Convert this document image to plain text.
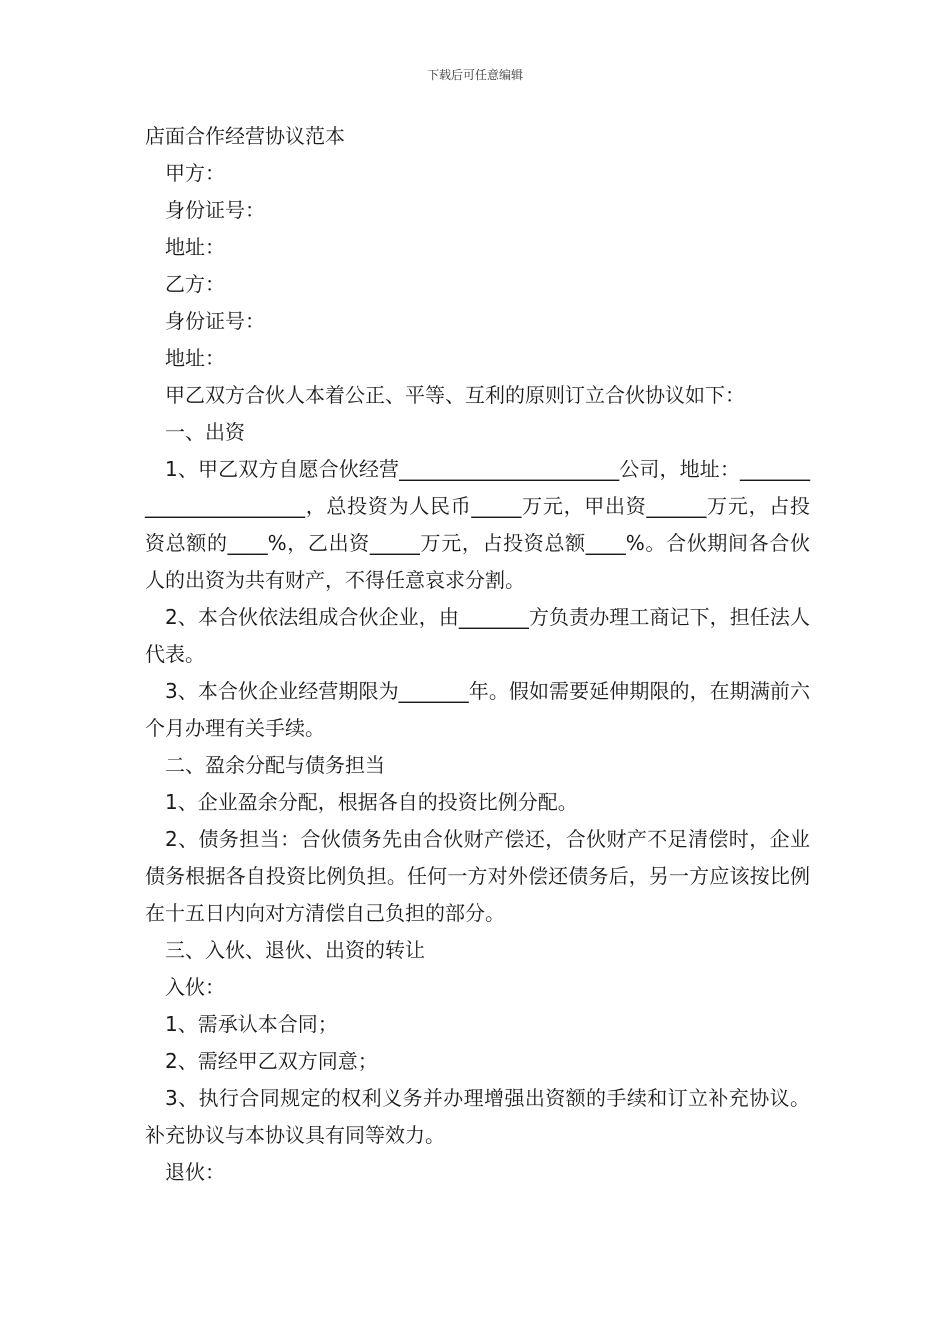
下载后可任意编辑
店面合作经营协议范本
甲方：
身份证号：
地址：
乙方：
身份证号：
地址：
甲乙双方合伙人本着公正、平等、互利的原则订立合伙协议如下：
一、出资
1、甲乙双方自愿合伙经营______________________公司，地址：_______________________，总投资为人民币_____万元，甲出资______万元，占投资总额的____%，乙出资_____万元，占投资总额____%。合伙期间各合伙人的出资为共有财产，不得任意哀求分割。
2、本合伙依法组成合伙企业，由_______方负责办理工商记下，担任法人代表。
3、本合伙企业经营期限为_______年。假如需要延伸期限的，在期满前六个月办理有关手续。
二、盈余分配与债务担当
1、企业盈余分配，根据各自的投资比例分配。
2、债务担当：合伙债务先由合伙财产偿还，合伙财产不足清偿时，企业债务根据各自投资比例负担。任何一方对外偿还债务后，另一方应该按比例在十五日内向对方清偿自己负担的部分。
三、入伙、退伙、出资的转让
入伙：
1、需承认本合同；
2、需经甲乙双方同意；
3、执行合同规定的权利义务并办理增强出资额的手续和订立补充协议。补充协议与本协议具有同等效力。
退伙：
